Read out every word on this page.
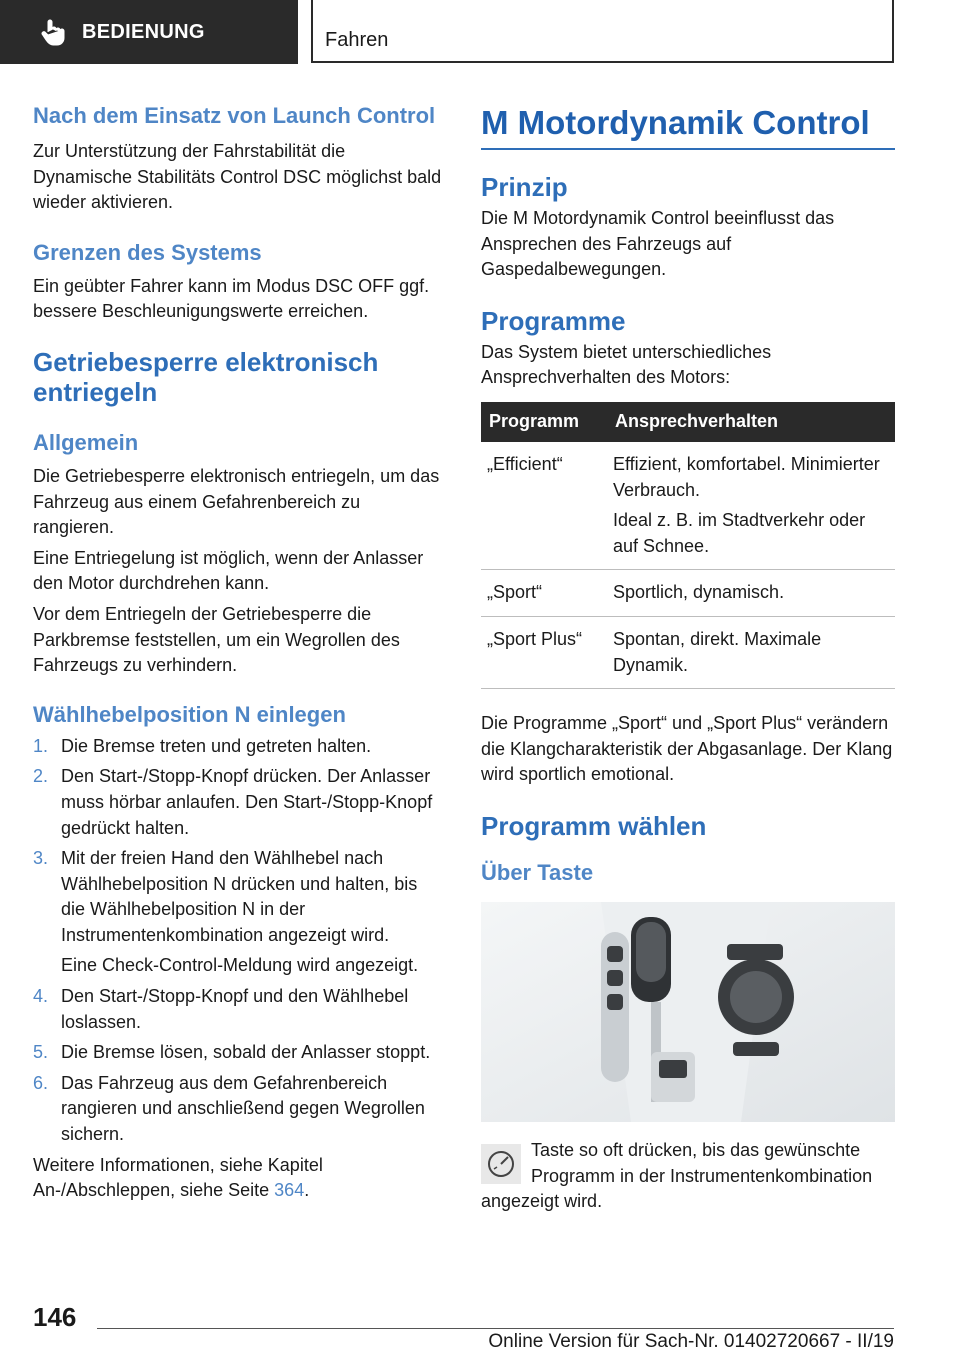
BEDIENUNG	Fahren
Nach dem Einsatz von Launch Control

Zur Unterstützung der Fahrstabilität die Dynamische Stabilitäts Control DSC möglichst bald wieder aktivieren.

Grenzen des Systems

Ein geübter Fahrer kann im Modus DSC OFF ggf. bessere Beschleunigungswerte erreichen.

Getriebesperre elektronisch entriegeln
Allgemein

Die Getriebesperre elektronisch entriegeln, um das Fahrzeug aus einem Gefahrenbereich zu rangieren.

Eine Entriegelung ist möglich, wenn der Anlasser den Motor durchdrehen kann.

Vor dem Entriegeln der Getriebesperre die Parkbremse feststellen, um ein Wegrollen des Fahrzeugs zu verhindern.

Wählhebelposition N einlegen
1. Die Bremse treten und getreten halten.
2. Den Start-/Stopp-Knopf drücken. Der Anlasser muss hörbar anlaufen. Den Start-/Stopp-Knopf gedrückt halten.
3. Mit der freien Hand den Wählhebel nach Wählhebelposition N drücken und halten, bis die Wählhebelposition N in der Instrumentenkombination angezeigt wird.

Eine Check-Control-Meldung wird angezeigt.

4. Den Start-/Stopp-Knopf und den Wählhebel loslassen.
5. Die Bremse lösen, sobald der Anlasser stoppt.
6. Das Fahrzeug aus dem Gefahrenbereich rangieren und anschließend gegen Wegrollen sichern.

Weitere Informationen, siehe Kapitel An-/Abschleppen, siehe Seite 364.

M Motordynamik Control
Prinzip

Die M Motordynamik Control beeinflusst das Ansprechen des Fahrzeugs auf Gaspedalbewegungen.

Programme

Das System bietet unterschiedliches Ansprechverhalten des Motors:

Programm	Ansprechverhalten
„Efficient“	Effizient, komfortabel. Minimierter Verbrauch.

Ideal z. B. im Stadtverkehr oder auf Schnee.

„Sport“	Sportlich, dynamisch.
„Sport Plus“	Spontan, direkt. Maximale Dynamik.

Die Programme „Sport“ und „Sport Plus“ verändern die Klangcharakteristik der Abgasanlage. Der Klang wird sportlich emotional.

Programm wählen
Über Taste

Taste so oft drücken, bis das gewünschte Programm in der Instrumentenkombination angezeigt wird.

146
Online Version für Sach-Nr. 01402720667 - II/19
